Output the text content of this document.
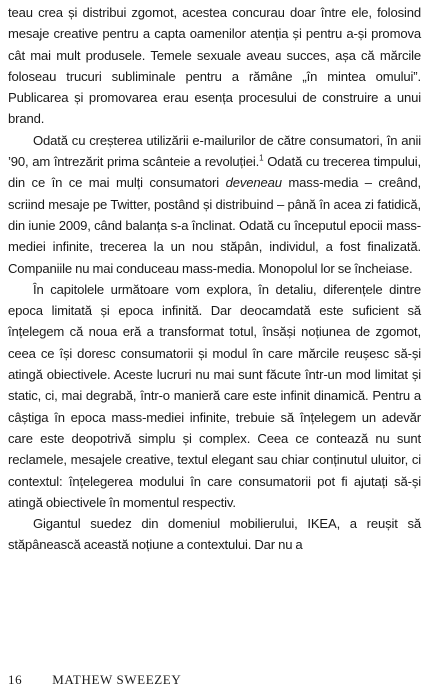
teau crea și distribui zgomot, acestea concurau doar între ele, folosind mesaje creative pentru a capta oamenilor atenția și pentru a-și promova cât mai mult produsele. Temele sexuale aveau succes, așa că mărcile foloseau trucuri subliminale pentru a rămâne „în mintea omului”. Publicarea și promovarea erau esența procesului de construire a unui brand.

Odată cu creșterea utilizării e-mailurilor de către consumatori, în anii ’90, am întrezărit prima scânteie a revoluției.$^1$ Odată cu trecerea timpului, din ce în ce mai mulți consumatori deveneau mass-media – creând, scriind mesaje pe Twitter, postând și distribuind – până în acea zi fatidică, din iunie 2009, când balanța s-a înclinat. Odată cu începutul epocii mass-mediei infinite, trecerea la un nou stăpân, individul, a fost finalizată. Companiile nu mai conduceau mass-media. Monopolul lor se încheiase.

În capitolele următoare vom explora, în detaliu, diferențele dintre epoca limitată și epoca infinită. Dar deocamdată este suficient să înțelegem că noua eră a transformat totul, însăși noțiunea de zgomot, ceea ce își doresc consumatorii și modul în care mărcile reușesc să-și atingă obiectivele. Aceste lucruri nu mai sunt făcute într-un mod limitat și static, ci, mai degrabă, într-o manieră care este infinit dinamică. Pentru a câștiga în epoca mass-mediei infinite, trebuie să înțelegem un adevăr care este deopotrivă simplu și complex. Ceea ce contează nu sunt reclamele, mesajele creative, textul elegant sau chiar conținutul uluitor, ci contextul: înțelegerea modului în care consumatorii pot fi ajutați să-și atingă obiectivele în momentul respectiv.

Gigantul suedez din domeniul mobilierului, IKEA, a reușit să stăpânească această noțiune a contextului. Dar nu a

16 MATHEW SWEEZEY
